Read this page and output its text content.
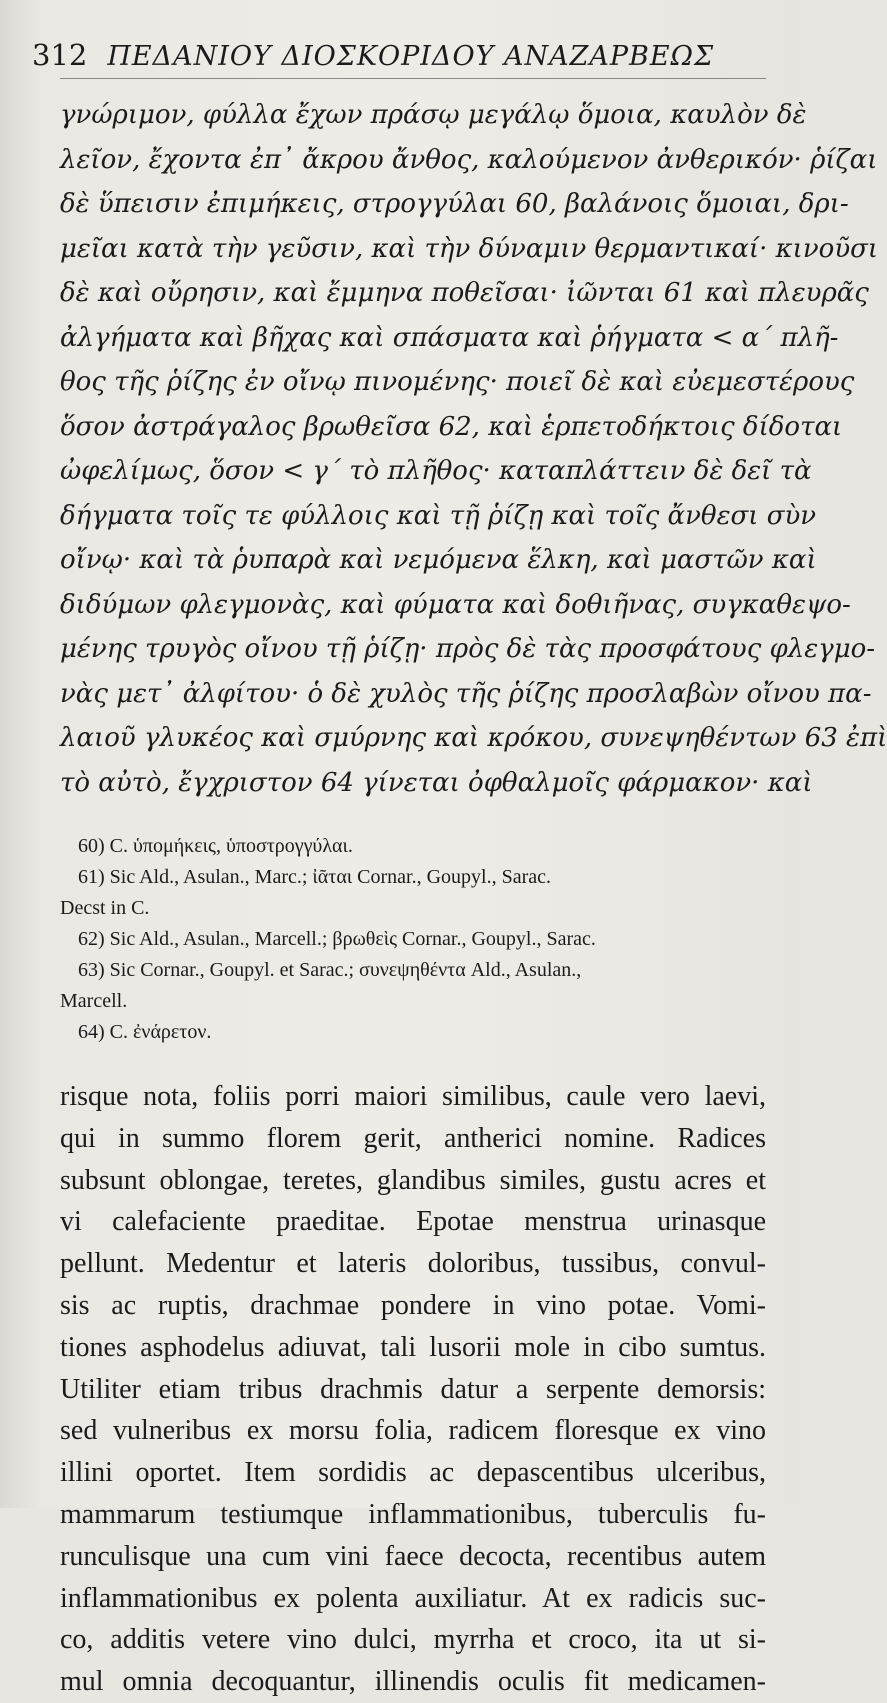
312 ΠΕΔΑΝΙΟΥ ΔΙΟΣΚΟΡΙΔΟΥ ΑΝΑΖΑΡΒΕΩΣ
γνώριμον, φύλλα ἔχων πράσῳ μεγάλῳ ὅμοια, καυλὸν δὲ
λεῖον, ἔχοντα ἐπ᾽ ἄκρου ἄνθος, καλούμενον ἀνθερικόν· ῥίζαι
δὲ ὕπεισιν ἐπιμήκεις, στρογγύλαι 60, βαλάνοις ὅμοιαι, δρι-
μεῖαι κατὰ τὴν γεῦσιν, καὶ τὴν δύναμιν θερμαντικαί· κινοῦσι
δὲ καὶ οὔρησιν, καὶ ἔμμηνα ποθεῖσαι· ἰῶνται 61 καὶ πλευρᾶς
ἀλγήματα καὶ βῆχας καὶ σπάσματα καὶ ῥήγματα < α΄ πλῆ-
θος τῆς ῥίζης ἐν οἴνῳ πινομένης· ποιεῖ δὲ καὶ εὐεμεστέρους
ὅσον ἀστράγαλος βρωθεῖσα 62, καὶ ἑρπετοδήκτοις δίδοται
ὠφελίμως, ὅσον < γ΄ τὸ πλῆθος· καταπλάττειν δὲ δεῖ τὰ
δήγματα τοῖς τε φύλλοις καὶ τῇ ῥίζῃ καὶ τοῖς ἄνθεσι σὺν
οἴνῳ· καὶ τὰ ῥυπαρὰ καὶ νεμόμενα ἕλκη, καὶ μαστῶν καὶ
διδύμων φλεγμονὰς, καὶ φύματα καὶ δοθιῆνας, συγκαθεψο-
μένης τρυγὸς οἴνου τῇ ῥίζῃ· πρὸς δὲ τὰς προσφάτους φλεγμο-
νὰς μετ᾽ ἀλφίτου· ὁ δὲ χυλὸς τῆς ῥίζης προσλαβὼν οἴνου πα-
λαιοῦ γλυκέος καὶ σμύρνης καὶ κρόκου, συνεψηθέντων 63 ἐπὶ
τὸ αὐτὸ, ἔγχριστον 64 γίνεται ὀφθαλμοῖς φάρμακον· καὶ
60) C. ὑπομήκεις, ὑποστρογγύλαι.
61) Sic Ald., Asulan., Marc.; ἰᾶται Cornar., Goupyl., Sarac.
Decst in C.
62) Sic Ald., Asulan., Marcell.; βρωθεὶς Cornar., Goupyl., Sarac.
63) Sic Cornar., Goupyl. et Sarac.; συνεψηθέντα Ald., Asulan.,
Marcell.
64) C. ἐνάρετον.
risque nota, foliis porri maiori similibus, caule vero laevi,
qui in summo florem gerit, antherici nomine. Radices
subsunt oblongae, teretes, glandibus similes, gustu acres et
vi calefaciente praeditae. Epotae menstrua urinasque
pellunt. Medentur et lateris doloribus, tussibus, convul-
sis ac ruptis, drachmae pondere in vino potae. Vomi-
tiones asphodelus adiuvat, tali lusorii mole in cibo sumtus.
Utiliter etiam tribus drachmis datur a serpente demorsis:
sed vulneribus ex morsu folia, radicem floresque ex vino
illini oportet. Item sordidis ac depascentibus ulceribus,
mammarum testiumque inflammationibus, tuberculis fu-
runculisque una cum vini faece decocta, recentibus autem
inflammationibus ex polenta auxiliatur. At ex radicis suc-
co, additis vetere vino dulci, myrrha et croco, ita ut si-
mul omnia decoquantur, illinendis oculis fit medicamen-
